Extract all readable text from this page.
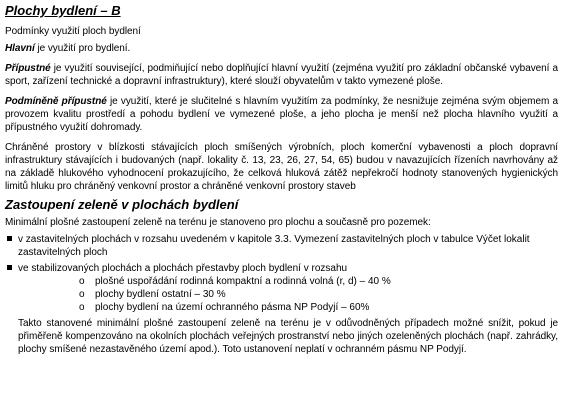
Plochy bydlení – B

Podmínky využití ploch bydlení

Hlavní je využití pro bydlení.

Přípustné je využití související, podmiňující nebo doplňující hlavní využití (zejména využití pro základní občanské vybavení a sport, zařízení technické a dopravní infrastruktury), které slouží obyvatelům v takto vymezené ploše.

Podmíněně přípustné je využití, které je slučitelné s hlavním využitím za podmínky, že nesnižuje zejména svým objemem a provozem kvalitu prostředí a pohodu bydlení ve vymezené ploše, a jeho plocha je menší než plocha hlavního využití a přípustného využití dohromady.

Chráněné prostory v blízkosti stávajících ploch smíšených výrobních, ploch komerční vybavenosti a ploch dopravní infrastruktury stávajících i budovaných (např. lokality č. 13, 23, 26, 27, 54, 65) budou v navazujících řízeních navrhovány až na základě hlukového vyhodnocení prokazujícího, že celková hluková zátěž nepřekročí hodnoty stanovených hygienických limitů hluku pro chráněný venkovní prostor a chráněné venkovní prostory staveb

Zastoupení zeleně v plochách bydlení

Minimální plošné zastoupení zeleně na terénu je stanoveno pro plochu a současně pro pozemek:

v zastavitelných plochách v rozsahu uvedeném v kapitole 3.3. Vymezení zastavitelných ploch v tabulce Výčet lokalit zastavitelných ploch
ve stabilizovaných plochách a plochách přestavby ploch bydlení v rozsahu
o plošné uspořádání rodinná kompaktní a rodinná volná (r, d) – 40 %
o plochy bydlení ostatní – 30 %
o plochy bydlení na území ochranného pásma NP Podyjí – 60%

Takto stanovené minimální plošné zastoupení zeleně na terénu je v odůvodněných případech možné snížit, pokud je přiměřeně kompenzováno na okolních plochách veřejných prostranství nebo jiných ozeleněných plochách (např. zahrádky, plochy smíšené nezastavěného území apod.). Toto ustanovení neplatí v ochranném pásmu NP Podyjí.
